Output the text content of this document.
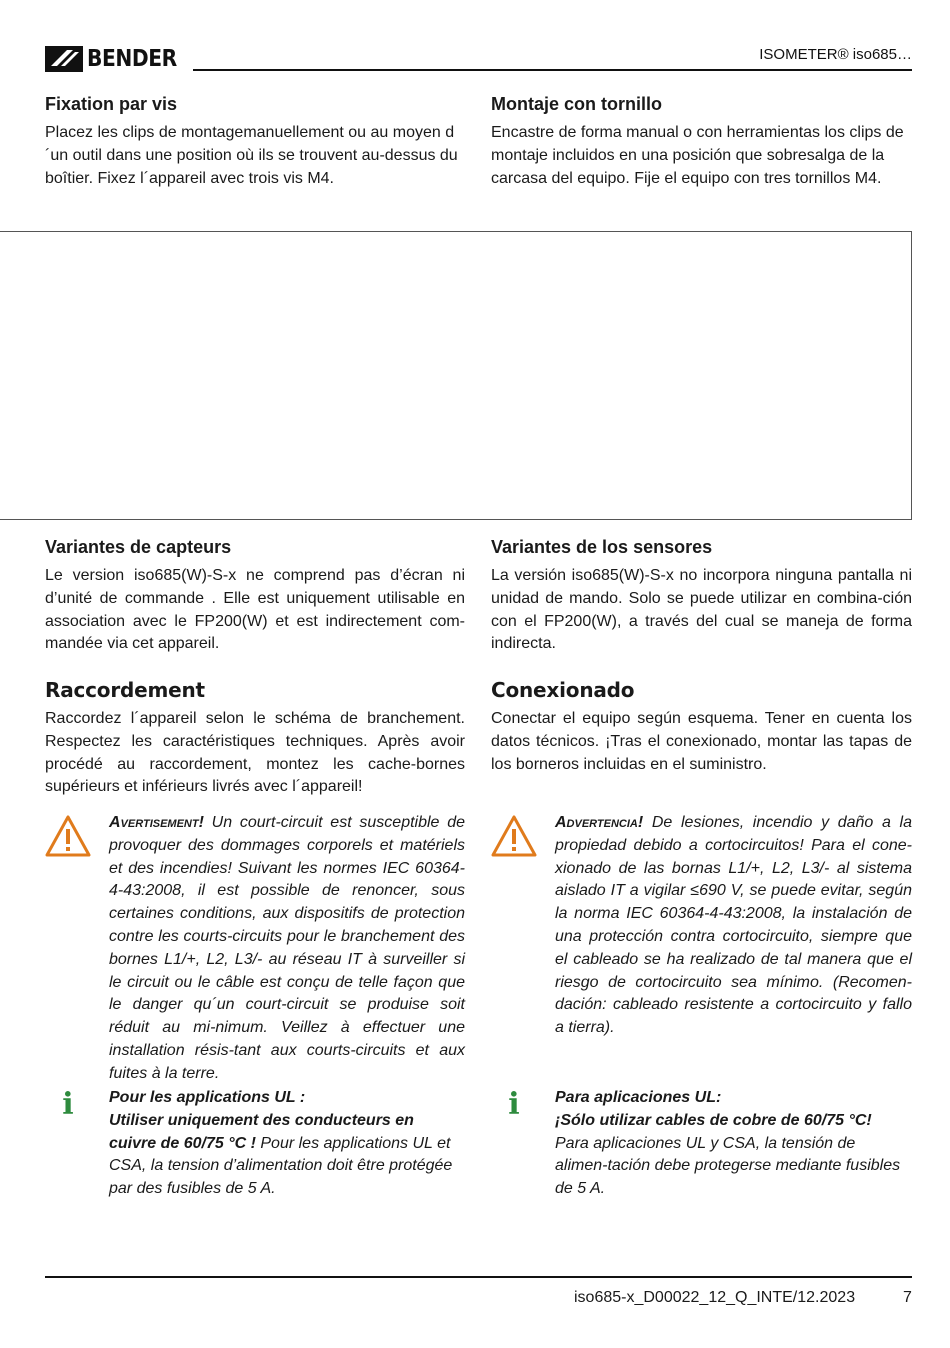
BENDER	ISOMETER® iso685…
Fixation par vis

Placez les clips de montagemanuellement ou au moyen d´un outil dans une position où ils se trouvent au-dessus du boîtier. Fixez l´appareil avec trois vis M4.

Montaje con tornillo

Encastre de forma manual o con herramientas los clips de montaje incluidos en una posición que sobresalga de la carcasa del equipo. Fije el equipo con tres tornillos M4.

Variantes de capteurs

Le version iso685(W)-S-x ne comprend pas d’écran ni d’unité de commande . Elle est uniquement utilisable en association avec le FP200(W) et est indirectement com-mandée via cet appareil.

Variantes de los sensores

La versión iso685(W)-S-x no incorpora ninguna pantalla ni unidad de mando. Solo se puede utilizar en combina-ción con el FP200(W), a través del cual se maneja de forma indirecta.

Raccordement

Raccordez l´appareil selon le schéma de branchement. Respectez les caractéristiques techniques. Après avoir procédé au raccordement, montez les cache-bornes supérieurs et inférieurs livrés avec l´appareil!

Conexionado

Conectar el equipo según esquema. Tener en cuenta los datos técnicos. ¡Tras el conexionado, montar las tapas de los borneros incluidas en el suministro.

Avertisement! Un court-circuit est susceptible de provoquer des dommages corporels et matériels et des incendies! Suivant les normes IEC 60364-4-43:2008, il est possible de renoncer, sous certaines conditions, aux dispositifs de protection contre les courts-circuits pour le branchement des bornes L1/+, L2, L3/- au réseau IT à surveiller si le circuit ou le câble est conçu de telle façon que le danger qu´un court-circuit se produise soit réduit au mi-nimum. Veillez à effectuer une installation résis-tant aux courts-circuits et aux fuites à la terre.

Advertencia! De lesiones, incendio y daño a la propiedad debido a cortocircuitos! Para el cone-xionado de las bornas L1/+, L2, L3/- al sistema aislado IT a vigilar ≤690 V, se puede evitar, según la norma IEC 60364-4-43:2008, la instalación de una protección contra cortocircuito, siempre que el cableado se ha realizado de tal manera que el riesgo de cortocircuito sea mínimo. (Recomen-dación: cableado resistente a cortocircuito y fallo a tierra).

i	Pour les applications UL :
Utiliser uniquement des conducteurs en cuivre de 60/75 °C ! Pour les applications UL et CSA, la tension d’alimentation doit être protégée par des fusibles de 5 A.

i	Para aplicaciones UL:
¡Sólo utilizar cables de cobre de 60/75 °C!
Para aplicaciones UL y CSA, la tensión de alimen-tación debe protegerse mediante fusibles de 5 A.

iso685-x_D00022_12_Q_INTE/12.2023	7
